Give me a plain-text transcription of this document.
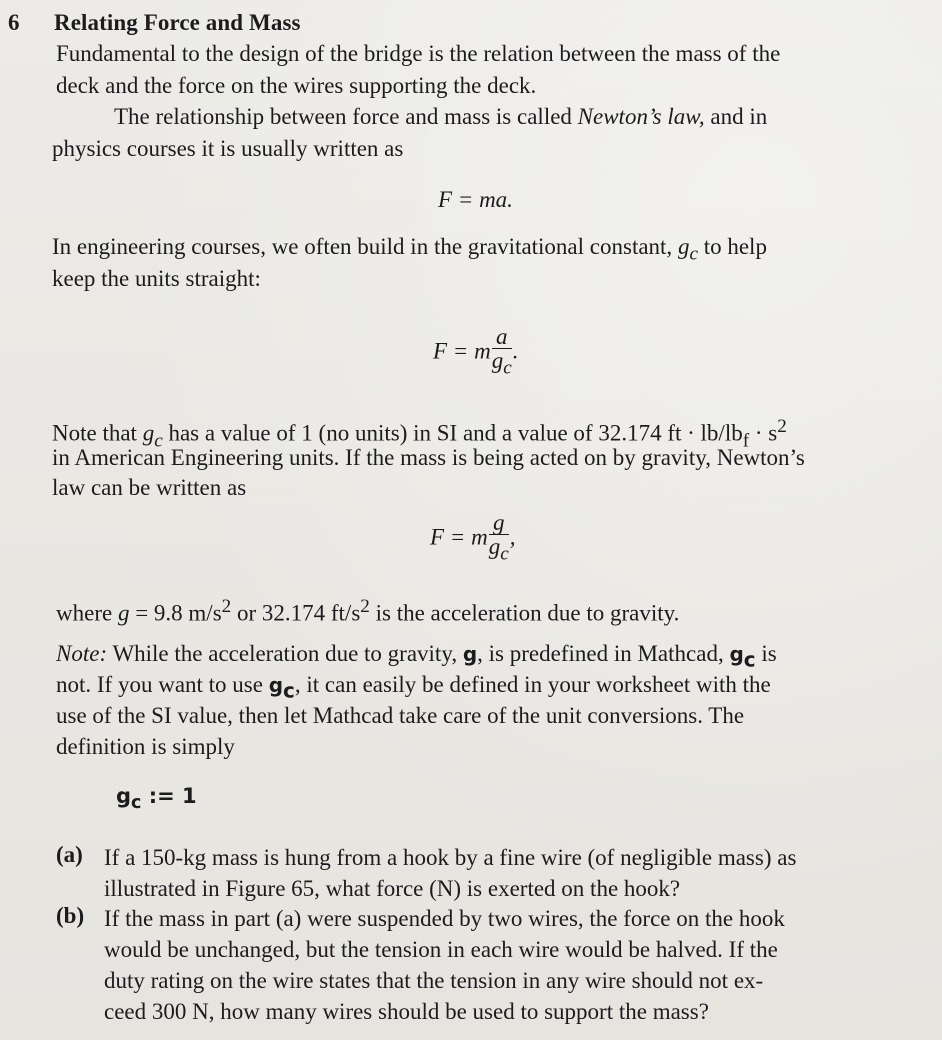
6 Relating Force and Mass
Fundamental to the design of the bridge is the relation between the mass of the
deck and the force on the wires supporting the deck.
The relationship between force and mass is called Newton’s law, and in
physics courses it is usually written as
F = ma.
In engineering courses, we often build in the gravitational constant, $g_c$ to help
keep the units straight:
F = m $\frac{a}{g_c}$ .
Note that $g_c$ has a value of 1 (no units) in SI and a value of 32.174 ft · $lb/lb_f \cdot s^2$
in American Engineering units. If the mass is being acted on by gravity, Newton’s
law can be written as
F = m $\frac{g}{g_c}$ ,
where g = 9.8 $m/s^2$ or 32.174 $ft/s^2$ is the acceleration due to gravity.
Note: While the acceleration due to gravity, g, is predefined in Mathcad, $g_c$ is
not. If you want to use $g_c$, it can easily be defined in your worksheet with the
use of the SI value, then let Mathcad take care of the unit conversions. The
definition is simply
$g_c$ := 1
(a) If a 150-kg mass is hung from a hook by a fine wire (of negligible mass) as
illustrated in Figure 65, what force (N) is exerted on the hook?
(b) If the mass in part (a) were suspended by two wires, the force on the hook
would be unchanged, but the tension in each wire would be halved. If the
duty rating on the wire states that the tension in any wire should not ex-
ceed 300 N, how many wires should be used to support the mass?
